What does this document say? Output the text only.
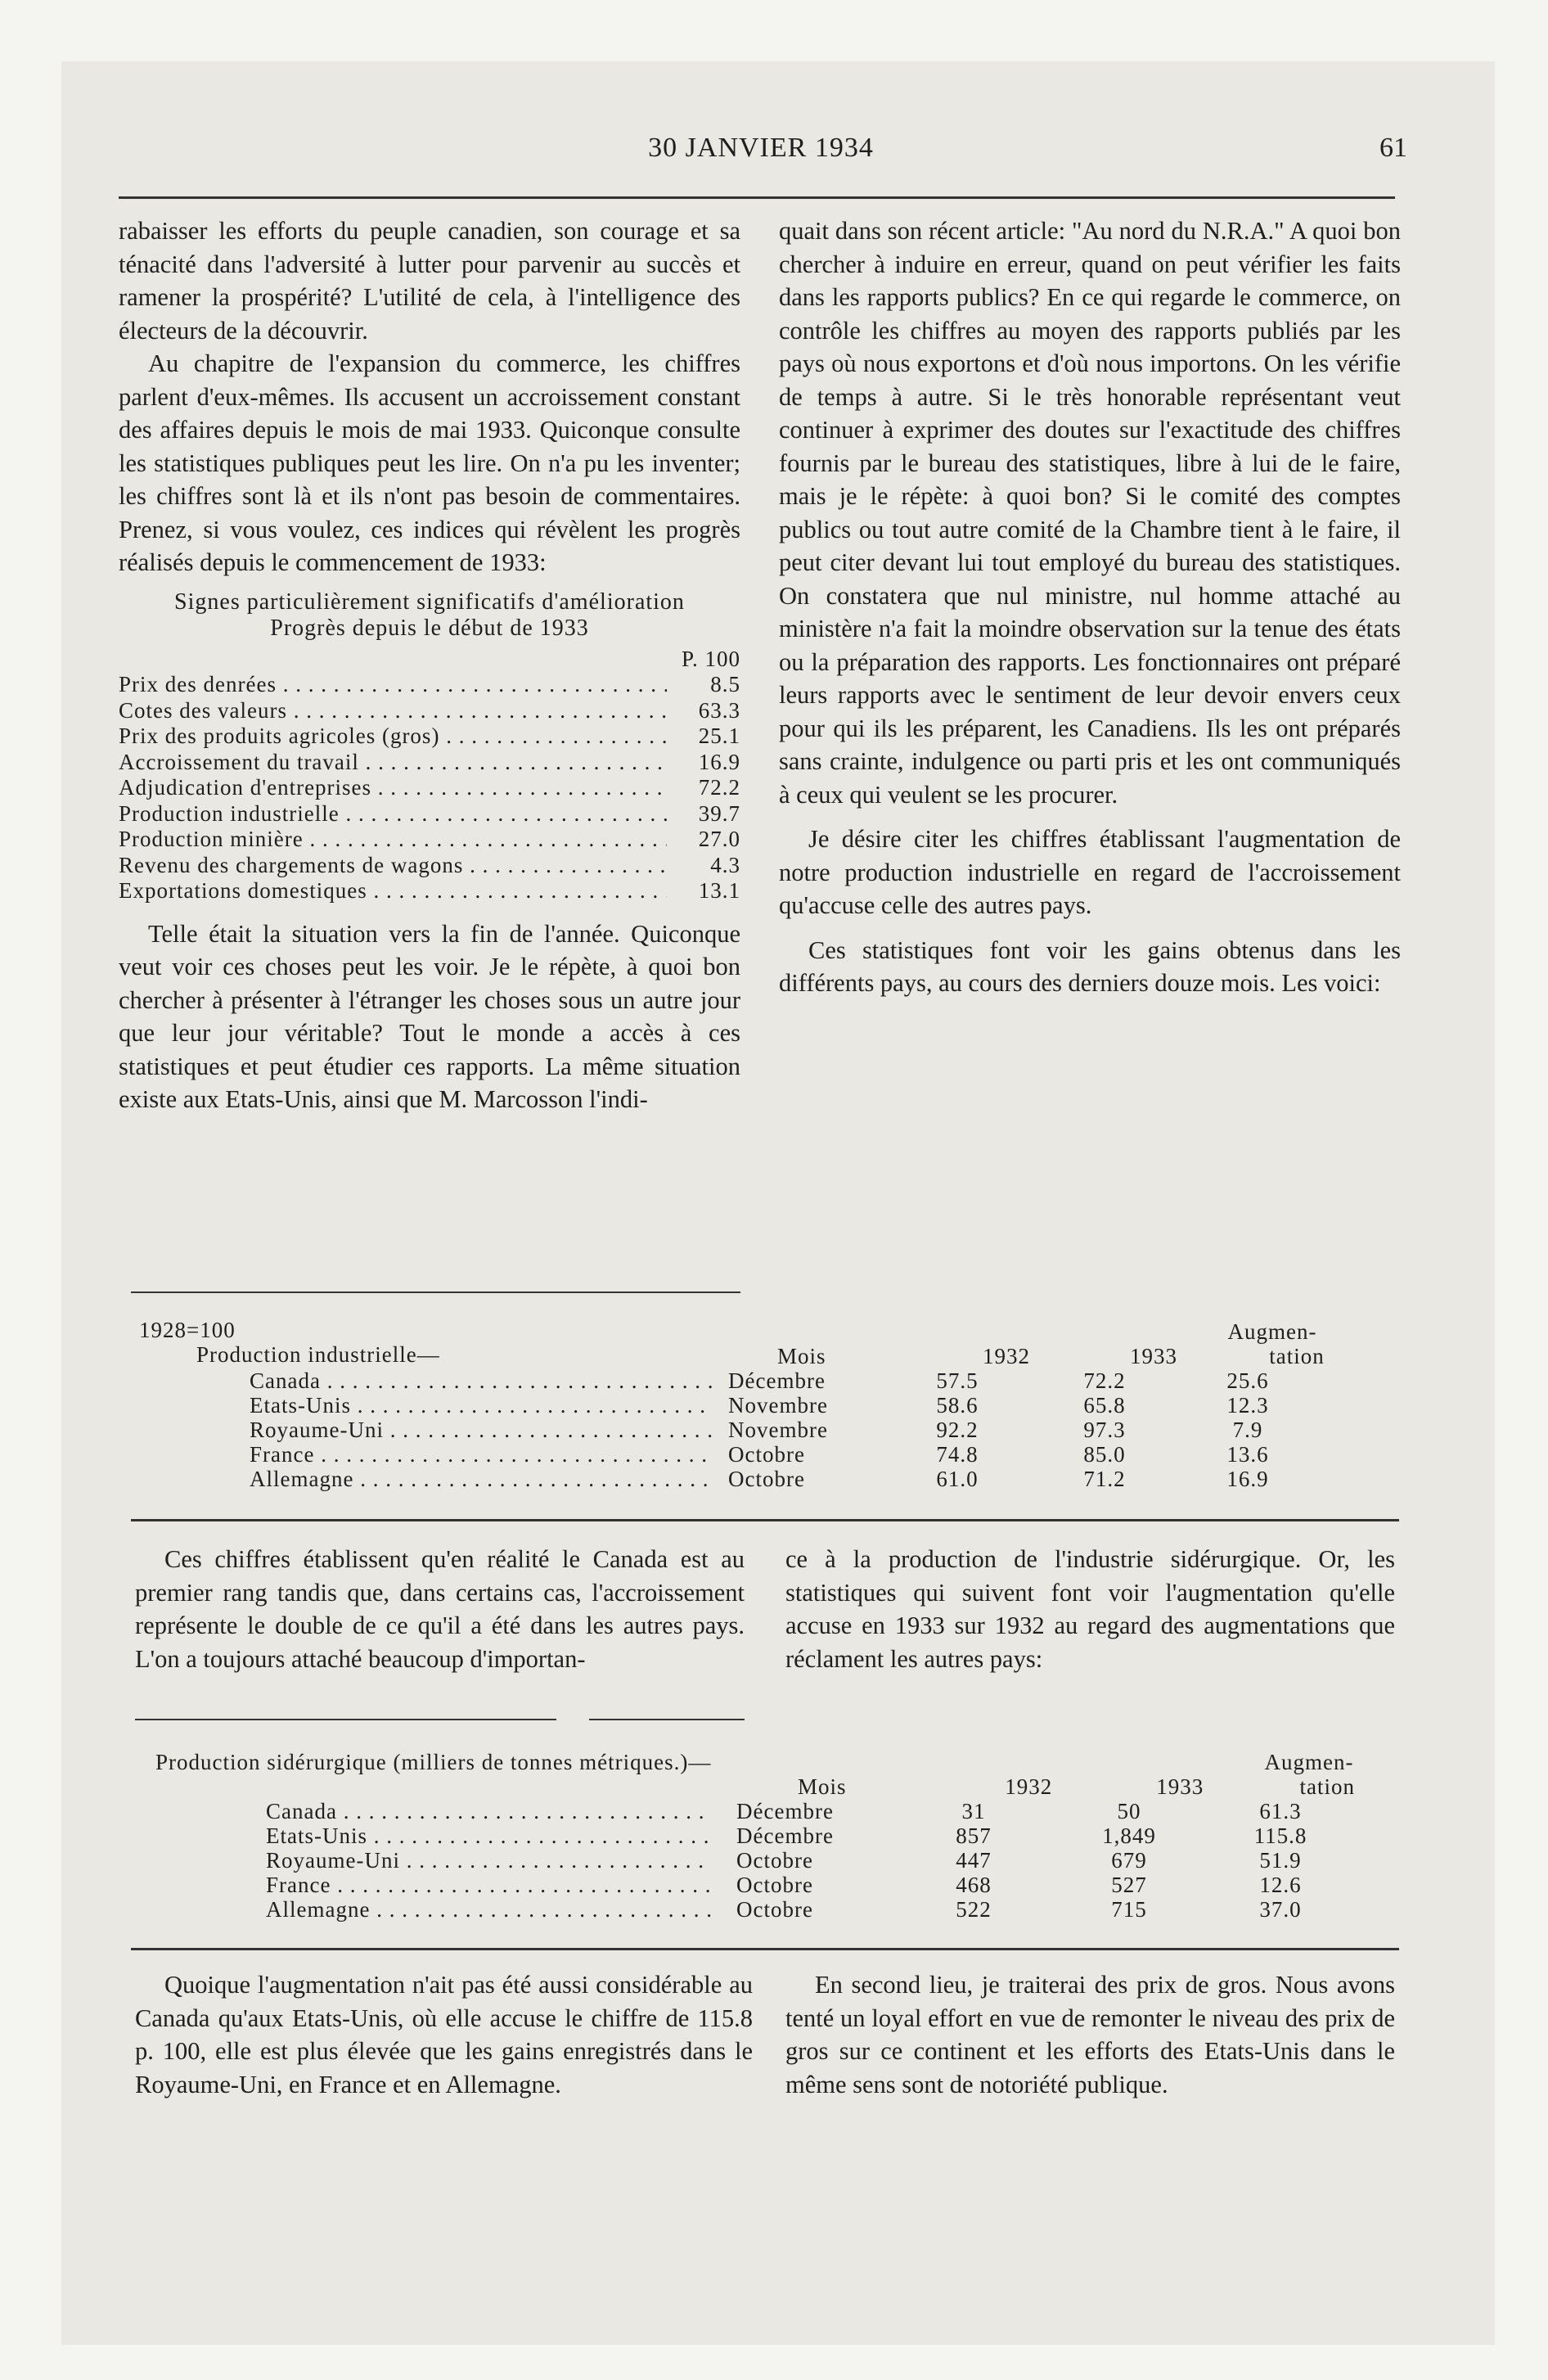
30 JANVIER 1934	61

rabaisser les efforts du peuple canadien, son courage et sa ténacité dans l'adversité à lutter pour parvenir au succès et ramener la prospérité? L'utilité de cela, à l'intelligence des électeurs de la découvrir.

Au chapitre de l'expansion du commerce, les chiffres parlent d'eux-mêmes. Ils accusent un accroissement constant des affaires depuis le mois de mai 1933. Quiconque consulte les statistiques publiques peut les lire. On n'a pu les inventer; les chiffres sont là et ils n'ont pas besoin de commentaires. Prenez, si vous voulez, ces indices qui révèlent les progrès réalisés depuis le commencement de 1933:

Signes particulièrement significatifs d'amélioration
Progrès depuis le début de 1933
P. 100
Prix des denrées . . .	8.5
Cotes des valeurs . . .	63.3
Prix des produits agricoles (gros) . . .	25.1
Accroissement du travail . . .	16.9
Adjudication d'entreprises . . .	72.2
Production industrielle . . .	39.7
Production minière . . .	27.0
Revenu des chargements de wagons . . .	4.3
Exportations domestiques . . .	13.1

Telle était la situation vers la fin de l'année. Quiconque veut voir ces choses peut les voir. Je le répète, à quoi bon chercher à présenter à l'étranger les choses sous un autre jour que leur jour véritable? Tout le monde a accès à ces statistiques et peut étudier ces rapports. La même situation existe aux Etats-Unis, ainsi que M. Marcosson l'indi-

quait dans son récent article: "Au nord du N.R.A." A quoi bon chercher à induire en erreur, quand on peut vérifier les faits dans les rapports publics? En ce qui regarde le commerce, on contrôle les chiffres au moyen des rapports publiés par les pays où nous exportons et d'où nous importons. On les vérifie de temps à autre. Si le très honorable représentant veut continuer à exprimer des doutes sur l'exactitude des chiffres fournis par le bureau des statistiques, libre à lui de le faire, mais je le répète: à quoi bon? Si le comité des comptes publics ou tout autre comité de la Chambre tient à le faire, il peut citer devant lui tout employé du bureau des statistiques. On constatera que nul ministre, nul homme attaché au ministère n'a fait la moindre observation sur la tenue des états ou la préparation des rapports. Les fonctionnaires ont préparé leurs rapports avec le sentiment de leur devoir envers ceux pour qui ils les préparent, les Canadiens. Ils les ont préparés sans crainte, indulgence ou parti pris et les ont communiqués à ceux qui veulent se les procurer.

Je désire citer les chiffres établissant l'augmentation de notre production industrielle en regard de l'accroissement qu'accuse celle des autres pays.

Ces statistiques font voir les gains obtenus dans les différents pays, au cours des derniers douze mois. Les voici:

1928=100
Production industrielle—
Augmen-
Mois	1932	1933	tation
Canada . . .	Décembre	57.5	72.2	25.6
Etats-Unis . . .	Novembre	58.6	65.8	12.3
Royaume-Uni . . .	Novembre	92.2	97.3	7.9
France . . .	Octobre	74.8	85.0	13.6
Allemagne . . .	Octobre	61.0	71.2	16.9

Ces chiffres établissent qu'en réalité le Canada est au premier rang tandis que, dans certains cas, l'accroissement représente le double de ce qu'il a été dans les autres pays. L'on a toujours attaché beaucoup d'importan-

ce à la production de l'industrie sidérurgique. Or, les statistiques qui suivent font voir l'augmentation qu'elle accuse en 1933 sur 1932 au regard des augmentations que réclament les autres pays:

Production sidérurgique (milliers de tonnes métriques.)—	Augmen-
Mois	1932	1933	tation
Canada . . .	Décembre	31	50	61.3
Etats-Unis . . .	Décembre	857	1,849	115.8
Royaume-Uni . . .	Octobre	447	679	51.9
France . . .	Octobre	468	527	12.6
Allemagne . . .	Octobre	522	715	37.0

Quoique l'augmentation n'ait pas été aussi considérable au Canada qu'aux Etats-Unis, où elle accuse le chiffre de 115.8 p. 100, elle est plus élevée que les gains enregistrés dans le Royaume-Uni, en France et en Allemagne.

En second lieu, je traiterai des prix de gros. Nous avons tenté un loyal effort en vue de remonter le niveau des prix de gros sur ce continent et les efforts des Etats-Unis dans le même sens sont de notoriété publique.
